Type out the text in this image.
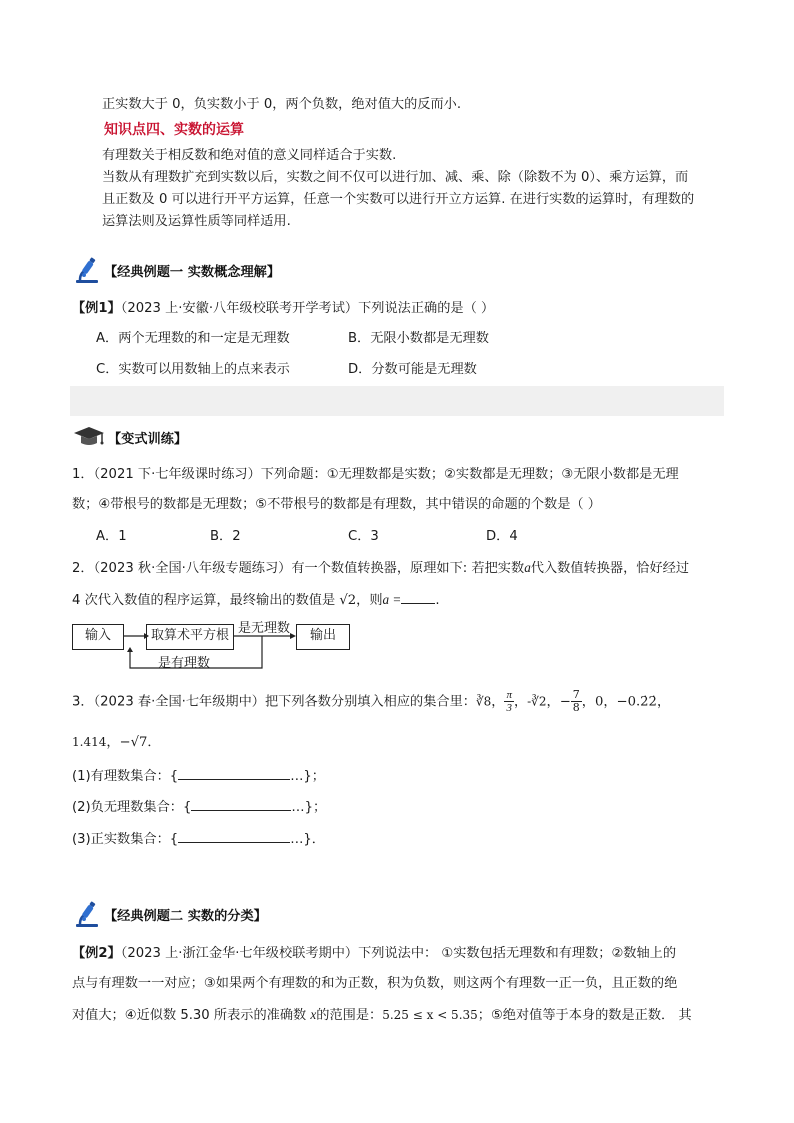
正实数大于 0，负实数小于 0，两个负数，绝对值大的反而小.
知识点四、实数的运算
有理数关于相反数和绝对值的意义同样适合于实数.
当数从有理数扩充到实数以后，实数之间不仅可以进行加、减、乘、除（除数不为 0）、乘方运算，而
且正数及 0 可以进行开平方运算，任意一个实数可以进行开立方运算. 在进行实数的运算时，有理数的
运算法则及运算性质等同样适用.
【经典例题一 实数概念理解】
【例1】（2023 上·安徽·八年级校联考开学考试）下列说法正确的是（ ）
A．两个无理数的和一定是无理数	B．无限小数都是无理数
C．实数可以用数轴上的点来表示	D．分数可能是无理数
【变式训练】
1．（2021 下·七年级课时练习）下列命题：①无理数都是实数；②实数都是无理数；③无限小数都是无理
数；④带根号的数都是无理数；⑤不带根号的数都是有理数，其中错误的命题的个数是（ ）
A．1	B．2	C．3	D．4
2．（2023 秋·全国·八年级专题练习）有一个数值转换器，原理如下: 若把实数a代入数值转换器，恰好经过
4 次代入数值的程序运算，最终输出的数值是 √2，则a =	.
输入	取算术平方根	输出
是无理数
是有理数
3．（2023 春·全国·七年级期中）把下列各数分别填入相应的集合里：∛8， $\frac{\pi}{3}$ ，-∛2，− $\frac{7}{8}$ ，0，−0.2̇2̇，
1.414，−√7．
(1)有理数集合：{	…}；
(2)负无理数集合：{	…}；
(3)正实数集合：{	…}．
【经典例题二 实数的分类】
【例2】（2023 上·浙江金华·七年级校联考期中）下列说法中： ①实数包括无理数和有理数；②数轴上的
点与有理数一一对应；③如果两个有理数的和为正数，积为负数，则这两个有理数一正一负，且正数的绝
对值大；④近似数 5.30 所表示的准确数 x的范围是：5.25 ≤ x < 5.35；⑤绝对值等于本身的数是正数． 其
